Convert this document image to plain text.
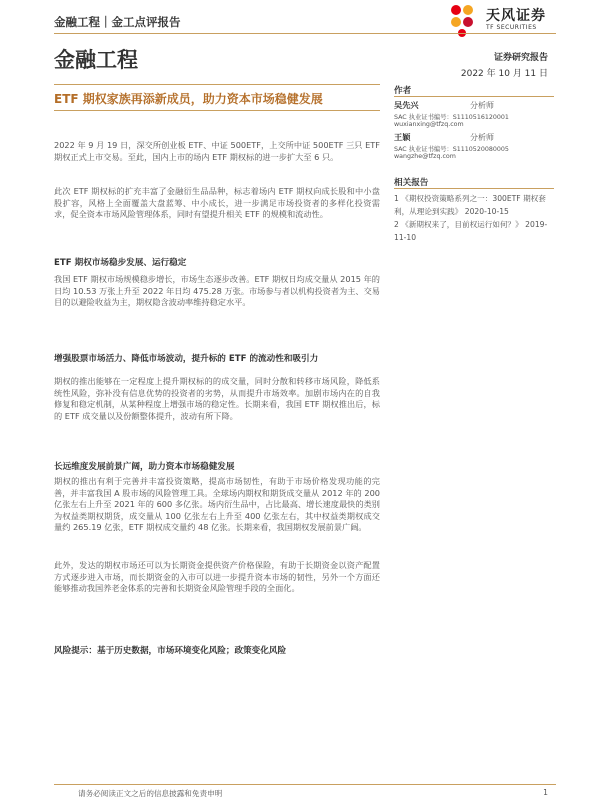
金融工程｜金工点评报告	天风证券
TF SECURITIES
金融工程	证券研究报告
2022 年 10 月 11 日
ETF 期权家族再添新成员，助力资本市场稳健发展
2022 年 9 月 19 日，深交所创业板 ETF、中证 500ETF，上交所中证 500ETF 三只 ETF 期权正式上市交易。至此，国内上市的场内 ETF 期权标的进一步扩大至 6 只。
此次 ETF 期权标的扩充丰富了金融衍生品品种，标志着场内 ETF 期权向成长股和中小盘股扩容，风格上全面覆盖大盘蓝筹、中小成长，进一步满足市场投资者的多样化投资需求，促全资本市场风险管理体系，同时有望提升相关 ETF 的规模和流动性。
ETF 期权市场稳步发展、运行稳定
我国 ETF 期权市场规模稳步增长，市场生态逐步改善。ETF 期权日均成交量从 2015 年的日均 10.53 万张上升至 2022 年日均 475.28 万张。市场参与者以机构投资者为主、交易目的以避险收益为主，期权隐含波动率维持稳定水平。
增强股票市场活力、降低市场波动，提升标的 ETF 的流动性和吸引力
期权的推出能够在一定程度上提升期权标的的成交量，同时分散和转移市场风险，降低系统性风险，弥补没有信息优势的投资者的劣势，从而提升市场效率。加剧市场内在的自我修复和稳定机制，从某种程度上增强市场的稳定性。长期来看，我国 ETF 期权推出后，标的 ETF 成交量以及份额整体提升，波动有所下降。
长远维度发展前景广阔，助力资本市场稳健发展
期权的推出有利于完善并丰富投资策略，提高市场韧性，有助于市场价格发现功能的完善，并丰富我国 A 股市场的风险管理工具。全球场内期权和期货成交量从 2012 年的 200 亿张左右上升至 2021 年的 600 多亿张。场内衍生品中，占比最高、增长速度最快的类别为权益类期权期货，成交量从 100 亿张左右上升至 400 亿张左右，其中权益类期权成交量约 265.19 亿张，ETF 期权成交量约 48 亿张。长期来看，我国期权发展前景广阔。
此外，发达的期权市场还可以为长期资金提供资产价格保险，有助于长期资金以资产配置方式逐步进入市场，而长期资金的入市可以进一步提升资本市场的韧性，另外一个方面还能够推动我国养老金体系的完善和长期资金风险管理手段的全面化。
风险提示：基于历史数据，市场环境变化风险；政策变化风险
作者
吴先兴	分析师
SAC 执业证书编号：S1110516120001
wuxianxing@tfzq.com
王颖	分析师
SAC 执业证书编号：S1110520080005
wangzhe@tfzq.com
相关报告
1 《期权投资策略系列之一：300ETF 期权套利，从理论到实践》 2020-10-15
2 《新期权来了，目前权运行如何？》 2019-11-10
请务必阅读正文之后的信息披露和免责申明	1
